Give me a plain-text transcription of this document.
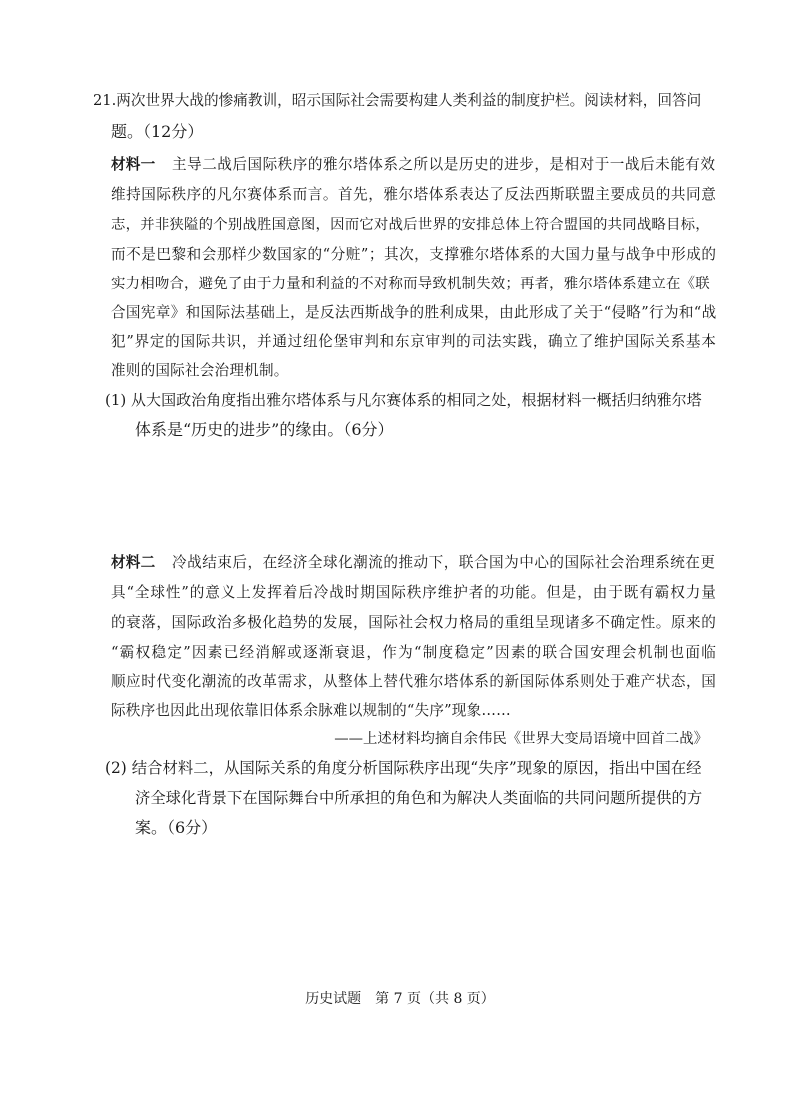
21.两次世界大战的惨痛教训，昭示国际社会需要构建人类利益的制度护栏。阅读材料，回答问
题。（12分）
材料一 主导二战后国际秩序的雅尔塔体系之所以是历史的进步，是相对于一战后未能有效
维持国际秩序的凡尔赛体系而言。首先，雅尔塔体系表达了反法西斯联盟主要成员的共同意
志，并非狭隘的个别战胜国意图，因而它对战后世界的安排总体上符合盟国的共同战略目标，
而不是巴黎和会那样少数国家的“分赃”；其次，支撑雅尔塔体系的大国力量与战争中形成的
实力相吻合，避免了由于力量和利益的不对称而导致机制失效；再者，雅尔塔体系建立在《联
合国宪章》和国际法基础上，是反法西斯战争的胜利成果，由此形成了关于“侵略”行为和“战
犯”界定的国际共识，并通过纽伦堡审判和东京审判的司法实践，确立了维护国际关系基本
准则的国际社会治理机制。
(1) 从大国政治角度指出雅尔塔体系与凡尔赛体系的相同之处，根据材料一概括归纳雅尔塔
体系是“历史的进步”的缘由。（6分）
材料二 冷战结束后，在经济全球化潮流的推动下，联合国为中心的国际社会治理系统在更
具“全球性”的意义上发挥着后冷战时期国际秩序维护者的功能。但是，由于既有霸权力量
的衰落，国际政治多极化趋势的发展，国际社会权力格局的重组呈现诸多不确定性。原来的
“霸权稳定”因素已经消解或逐渐衰退，作为“制度稳定”因素的联合国安理会机制也面临
顺应时代变化潮流的改革需求，从整体上替代雅尔塔体系的新国际体系则处于难产状态，国
际秩序也因此出现依靠旧体系余脉难以规制的“失序”现象……
——上述材料均摘自余伟民《世界大变局语境中回首二战》
(2) 结合材料二，从国际关系的角度分析国际秩序出现“失序”现象的原因，指出中国在经
济全球化背景下在国际舞台中所承担的角色和为解决人类面临的共同问题所提供的方
案。（6分）
历史试题　第 7 页（共 8 页）
